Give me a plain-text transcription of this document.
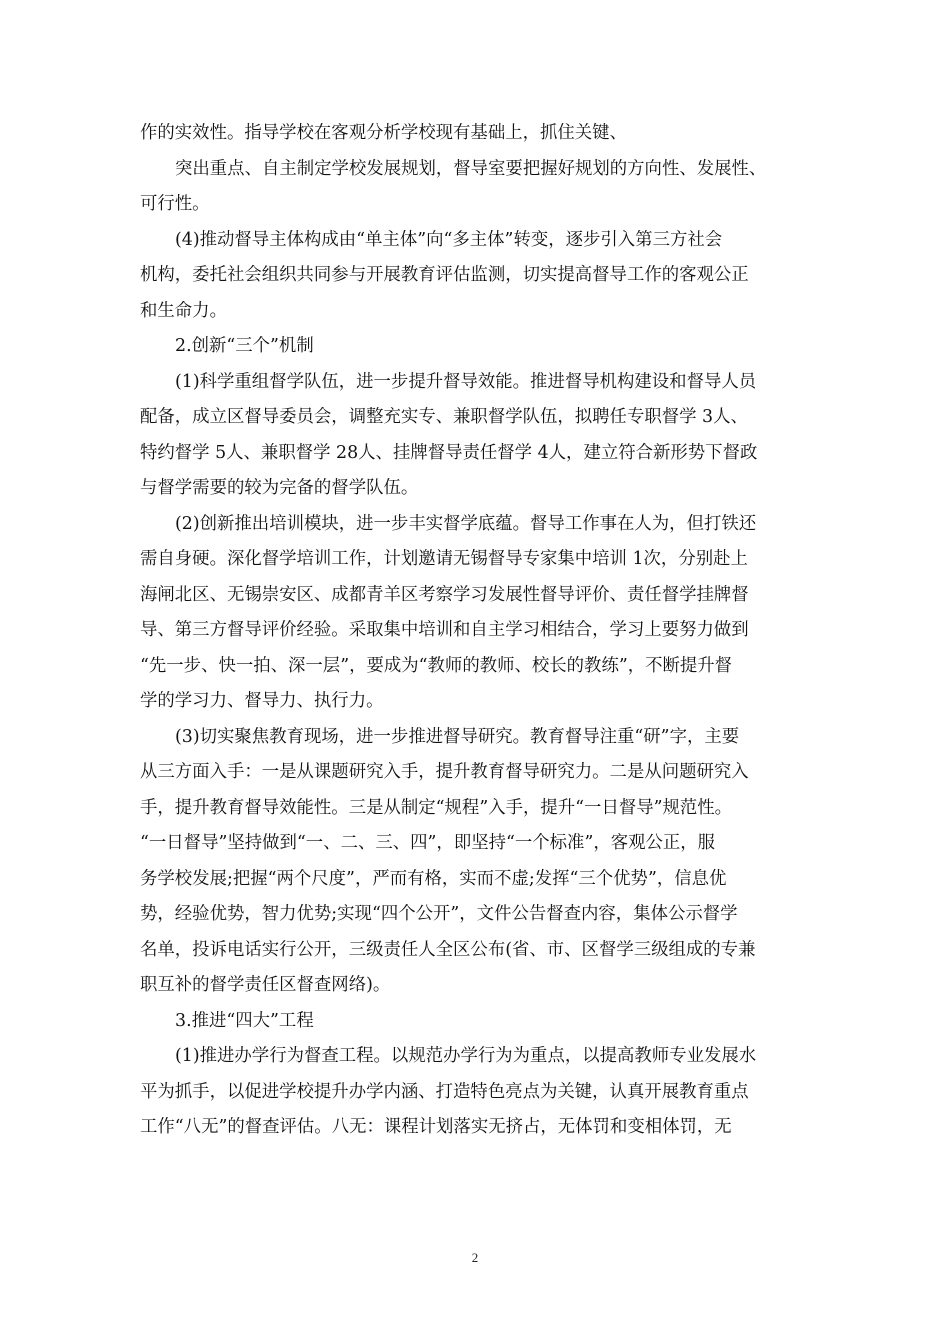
作的实效性。指导学校在客观分析学校现有基础上，抓住关键、
突出重点、自主制定学校发展规划，督导室要把握好规划的方向性、发展性、
可行性。
(4)推动督导主体构成由“单主体”向“多主体”转变，逐步引入第三方社会
机构，委托社会组织共同参与开展教育评估监测，切实提高督导工作的客观公正
和生命力。
2.创新“三个”机制
(1)科学重组督学队伍，进一步提升督导效能。推进督导机构建设和督导人员
配备，成立区督导委员会，调整充实专、兼职督学队伍，拟聘任专职督学 3人、
特约督学 5人、兼职督学 28人、挂牌督导责任督学 4人，建立符合新形势下督政
与督学需要的较为完备的督学队伍。
(2)创新推出培训模块，进一步丰实督学底蕴。督导工作事在人为，但打铁还
需自身硬。深化督学培训工作，计划邀请无锡督导专家集中培训 1次，分别赴上
海闸北区、无锡崇安区、成都青羊区考察学习发展性督导评价、责任督学挂牌督
导、第三方督导评价经验。采取集中培训和自主学习相结合，学习上要努力做到
“先一步、快一拍、深一层”，要成为“教师的教师、校长的教练”，不断提升督
学的学习力、督导力、执行力。
(3)切实聚焦教育现场，进一步推进督导研究。教育督导注重“研”字，主要
从三方面入手：一是从课题研究入手，提升教育督导研究力。二是从问题研究入
手，提升教育督导效能性。三是从制定“规程”入手，提升“一日督导”规范性。
“一日督导”坚持做到“一、二、三、四”，即坚持“一个标准”，客观公正，服
务学校发展;把握“两个尺度”，严而有格，实而不虚;发挥“三个优势”，信息优
势，经验优势，智力优势;实现“四个公开”，文件公告督查内容，集体公示督学
名单，投诉电话实行公开，三级责任人全区公布(省、市、区督学三级组成的专兼
职互补的督学责任区督查网络)。
3.推进“四大”工程
(1)推进办学行为督查工程。以规范办学行为为重点，以提高教师专业发展水
平为抓手，以促进学校提升办学内涵、打造特色亮点为关键，认真开展教育重点
工作“八无”的督查评估。八无：课程计划落实无挤占，无体罚和变相体罚，无
2
